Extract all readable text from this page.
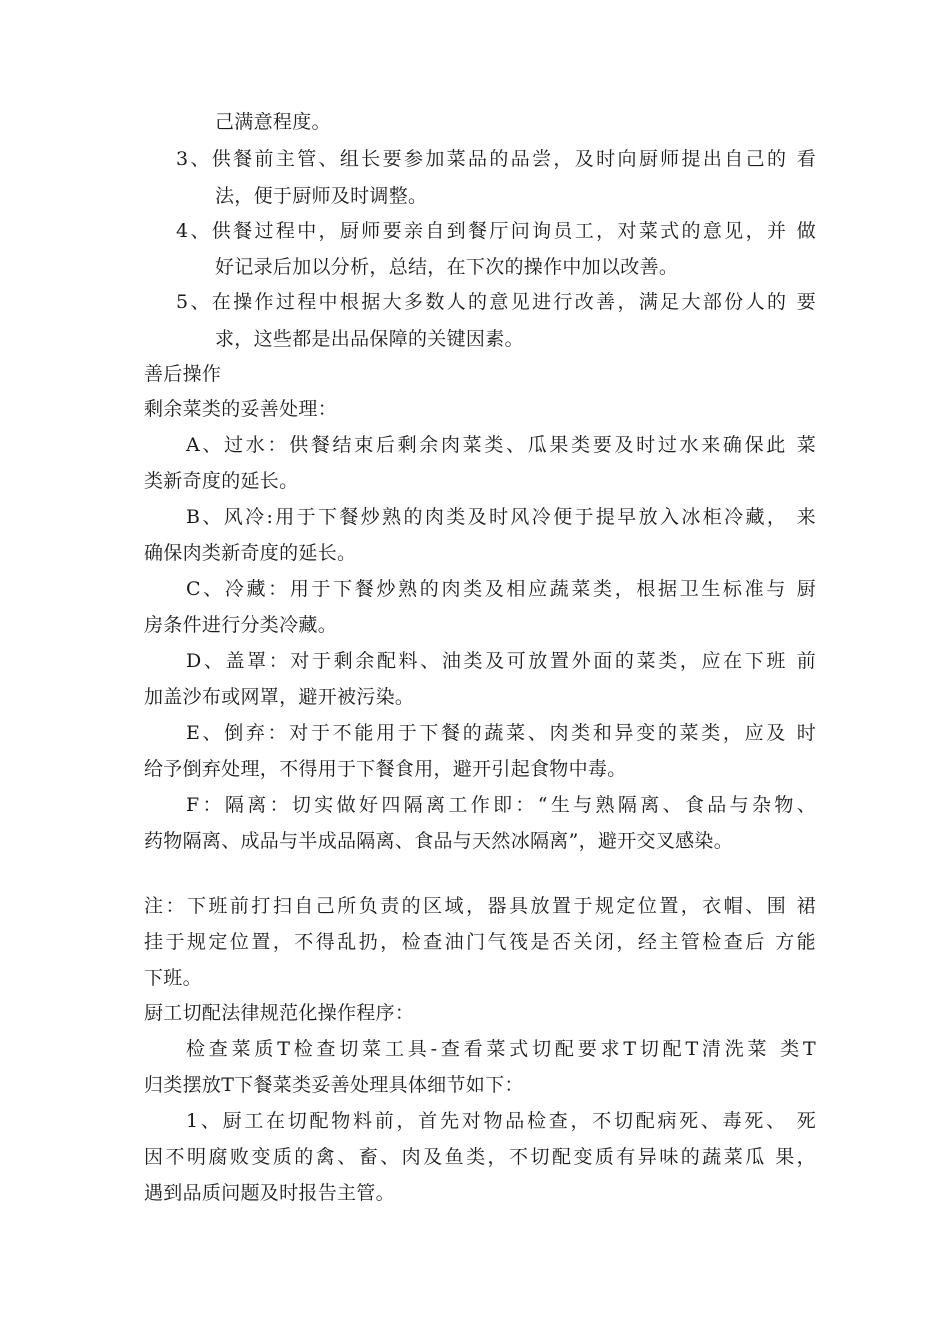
己满意程度。
3、供餐前主管、组长要参加菜品的品尝，及时向厨师提出自己的 看
法，便于厨师及时调整。
4、供餐过程中，厨师要亲自到餐厅问询员工，对菜式的意见，并 做
好记录后加以分析，总结，在下次的操作中加以改善。
5、在操作过程中根据大多数人的意见进行改善，满足大部份人的 要
求，这些都是出品保障的关键因素。
善后操作
剩余菜类的妥善处理：
A、过水：供餐结束后剩余肉菜类、瓜果类要及时过水来确保此 菜
类新奇度的延长。
B、风冷:用于下餐炒熟的肉类及时风冷便于提早放入冰柜冷藏， 来
确保肉类新奇度的延长。
C、冷藏：用于下餐炒熟的肉类及相应蔬菜类，根据卫生标准与 厨
房条件进行分类冷藏。
D、盖罩：对于剩余配料、油类及可放置外面的菜类，应在下班 前
加盖沙布或网罩，避开被污染。
E、倒弃：对于不能用于下餐的蔬菜、肉类和异变的菜类，应及 时
给予倒弃处理，不得用于下餐食用，避开引起食物中毒。
F：隔离：切实做好四隔离工作即：“生与熟隔离、食品与杂物、
药物隔离、成品与半成品隔离、食品与天然冰隔离”，避开交叉感染。
注：下班前打扫自己所负责的区域，器具放置于规定位置，衣帽、围 裙
挂于规定位置，不得乱扔，检查油门气筏是否关闭，经主管检查后 方能
下班。
厨工切配法律规范化操作程序：
检查菜质T检查切菜工具-查看菜式切配要求T切配T清洗菜 类T
归类摆放T下餐菜类妥善处理具体细节如下：
1、厨工在切配物料前，首先对物品检查，不切配病死、毒死、 死
因不明腐败变质的禽、畜、肉及鱼类，不切配变质有异味的蔬菜瓜 果，
遇到品质问题及时报告主管。
